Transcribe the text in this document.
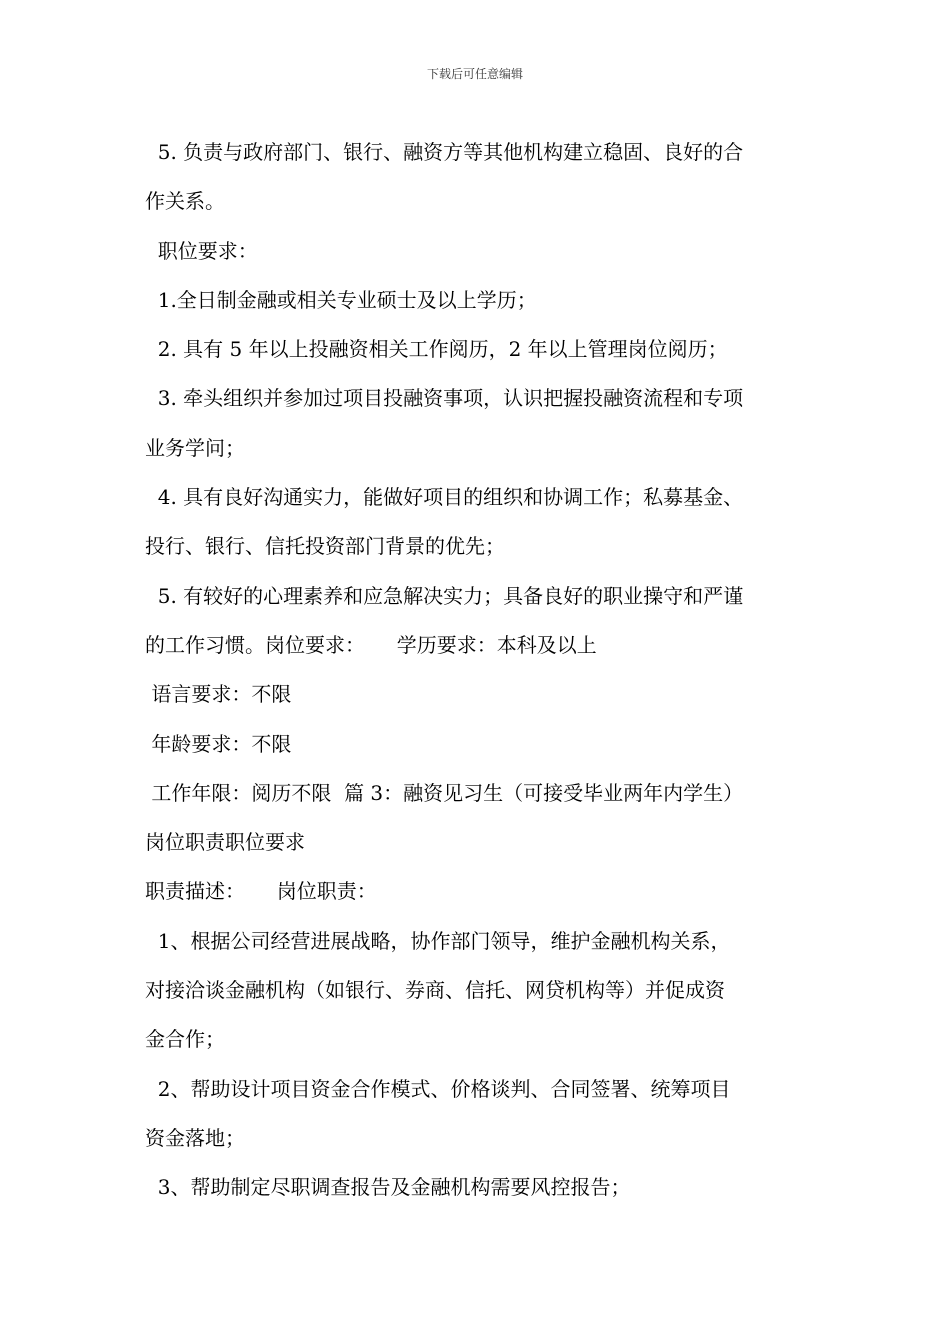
下载后可任意编辑
5. 负责与政府部门、银行、融资方等其他机构建立稳固、良好的合
作关系。
职位要求：
1.全日制金融或相关专业硕士及以上学历；
2. 具有 5 年以上投融资相关工作阅历，2 年以上管理岗位阅历；
3. 牵头组织并参加过项目投融资事项，认识把握投融资流程和专项
业务学问；
4. 具有良好沟通实力，能做好项目的组织和协调工作；私募基金、
投行、银行、信托投资部门背景的优先；
5. 有较好的心理素养和应急解决实力；具备良好的职业操守和严谨
的工作习惯。岗位要求：     学历要求：本科及以上
语言要求：不限
年龄要求：不限
工作年限：阅历不限  篇 3：融资见习生（可接受毕业两年内学生）
岗位职责职位要求
职责描述：     岗位职责：
1、根据公司经营进展战略，协作部门领导，维护金融机构关系，
对接洽谈金融机构（如银行、券商、信托、网贷机构等）并促成资
金合作；
2、帮助设计项目资金合作模式、价格谈判、合同签署、统筹项目
资金落地；
3、帮助制定尽职调查报告及金融机构需要风控报告；
